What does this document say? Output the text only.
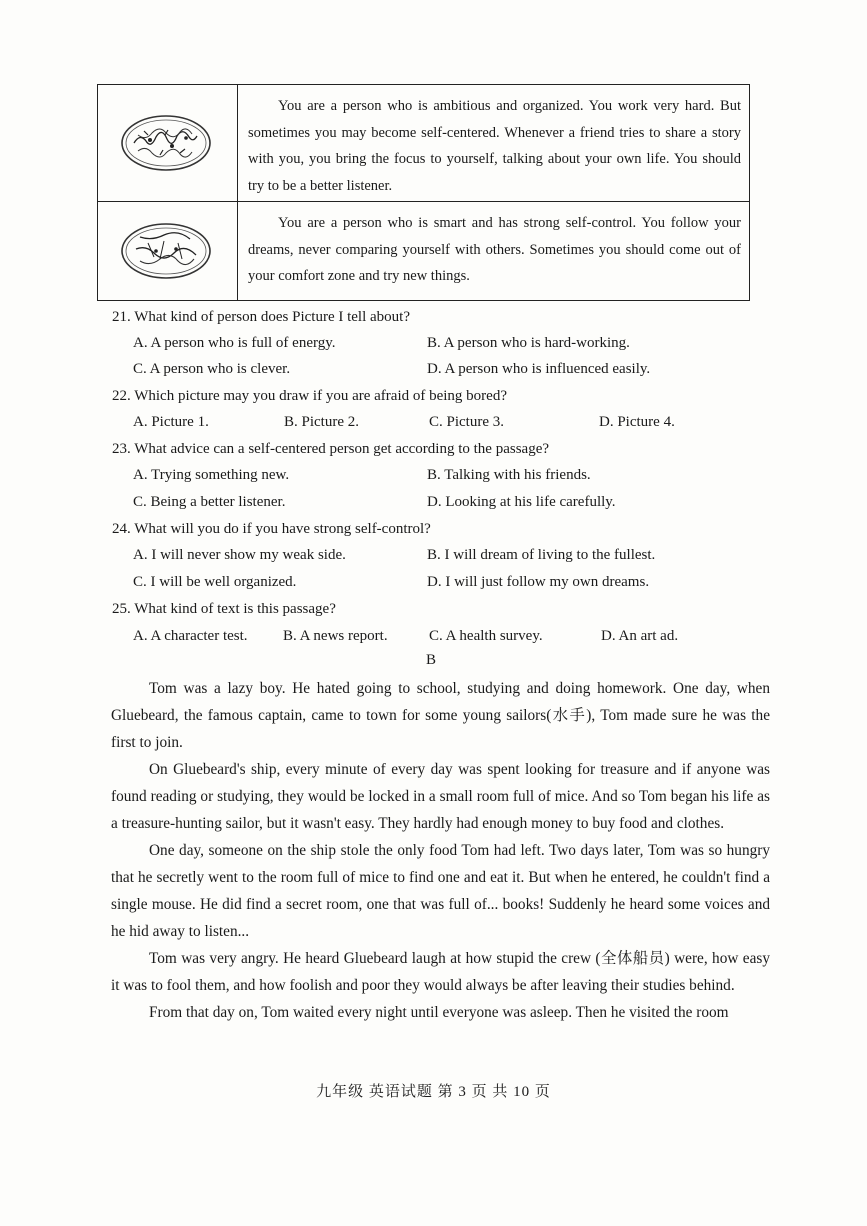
You are a person who is ambitious and organized. You work very hard. But sometimes you may become self-centered. Whenever a friend tries to share a story with you, you bring the focus to yourself, talking about your own life. You should try to be a better listener.
You are a person who is smart and has strong self-control. You follow your dreams, never comparing yourself with others. Sometimes you should come out of your comfort zone and try new things.
21. What kind of person does Picture I tell about?
A. A person who is full of energy.	B. A person who is hard-working.
C. A person who is clever.	D. A person who is influenced easily.
22. Which picture may you draw if you are afraid of being bored?
A. Picture 1.	B. Picture 2.	C. Picture 3.	D. Picture 4.
23. What advice can a self-centered person get according to the passage?
A. Trying something new.	B. Talking with his friends.
C. Being a better listener.	D. Looking at his life carefully.
24. What will you do if you have strong self-control?
A. I will never show my weak side.	B. I will dream of living to the fullest.
C. I will be well organized.	D. I will just follow my own dreams.
25. What kind of text is this passage?
A. A character test. B. A news report.	C. A health survey.	D. An art ad.
B

Tom was a lazy boy. He hated going to school, studying and doing homework. One day, when Gluebeard, the famous captain, came to town for some young sailors(水手), Tom made sure he was the first to join.

On Gluebeard's ship, every minute of every day was spent looking for treasure and if anyone was found reading or studying, they would be locked in a small room full of mice. And so Tom began his life as a treasure-hunting sailor, but it wasn't easy. They hardly had enough money to buy food and clothes.

One day, someone on the ship stole the only food Tom had left. Two days later, Tom was so hungry that he secretly went to the room full of mice to find one and eat it. But when he entered, he couldn't find a single mouse. He did find a secret room, one that was full of... books! Suddenly he heard some voices and he hid away to listen...

Tom was very angry. He heard Gluebeard laugh at how stupid the crew (全体船员) were, how easy it was to fool them, and how foolish and poor they would always be after leaving their studies behind.

From that day on, Tom waited every night until everyone was asleep. Then he visited the room

九年级 英语试题 第 3 页 共 10 页
